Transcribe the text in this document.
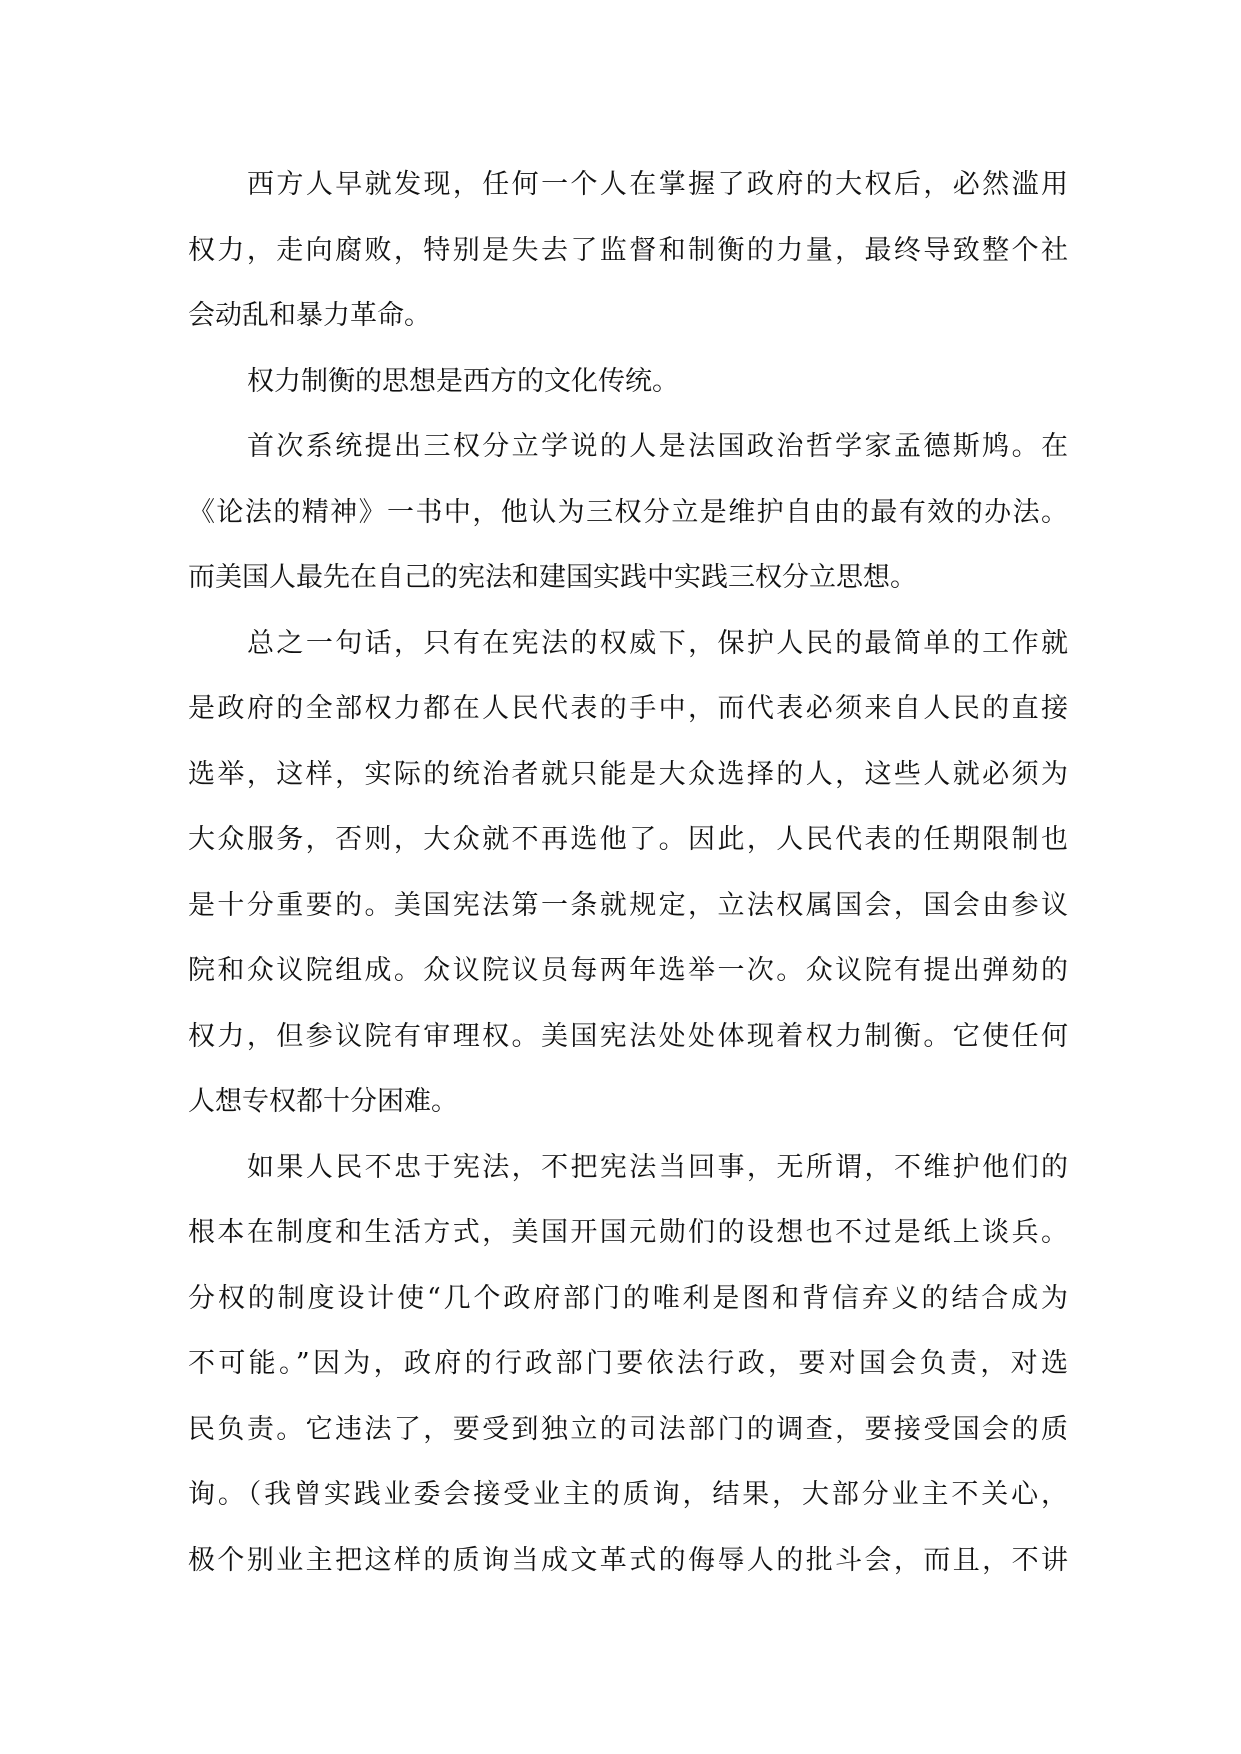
西方人早就发现，任何一个人在掌握了政府的大权后，必然滥用
权力，走向腐败，特别是失去了监督和制衡的力量，最终导致整个社
会动乱和暴力革命。
权力制衡的思想是西方的文化传统。
首次系统提出三权分立学说的人是法国政治哲学家孟德斯鸠。在
《论法的精神》一书中，他认为三权分立是维护自由的最有效的办法。
而美国人最先在自己的宪法和建国实践中实践三权分立思想。
总之一句话，只有在宪法的权威下，保护人民的最简单的工作就
是政府的全部权力都在人民代表的手中，而代表必须来自人民的直接
选举，这样，实际的统治者就只能是大众选择的人，这些人就必须为
大众服务，否则，大众就不再选他了。因此，人民代表的任期限制也
是十分重要的。美国宪法第一条就规定，立法权属国会，国会由参议
院和众议院组成。众议院议员每两年选举一次。众议院有提出弹劾的
权力，但参议院有审理权。美国宪法处处体现着权力制衡。它使任何
人想专权都十分困难。
如果人民不忠于宪法，不把宪法当回事，无所谓，不维护他们的
根本在制度和生活方式，美国开国元勋们的设想也不过是纸上谈兵。
分权的制度设计使“几个政府部门的唯利是图和背信弃义的结合成为
不可能。”因为，政府的行政部门要依法行政，要对国会负责，对选
民负责。它违法了，要受到独立的司法部门的调查，要接受国会的质
询。（我曾实践业委会接受业主的质询，结果，大部分业主不关心，
极个别业主把这样的质询当成文革式的侮辱人的批斗会，而且，不讲
